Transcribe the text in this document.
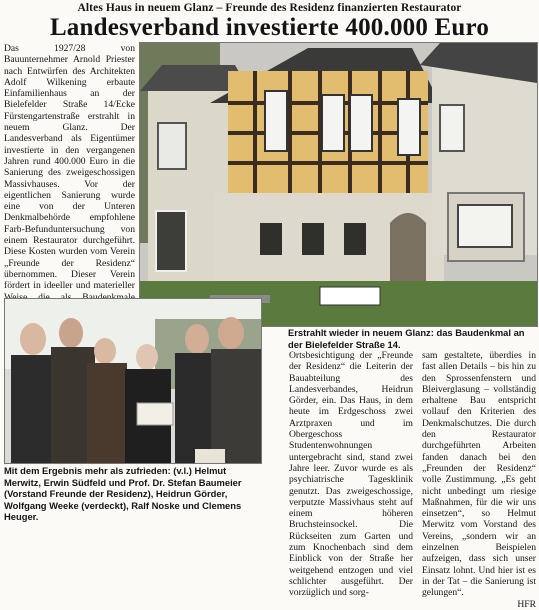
Altes Haus in neuem Glanz – Freunde des Residenz finanzierten Restaurator
Landesverband investierte 400.000 Euro

Das 1927/28 von Bauunternehmer Arnold Priester nach Entwürfen des Architekten Adolf Wilkening erbaute Einfamilienhaus an der Bielefelder Straße 14/Ecke Fürstengartenstraße erstrahlt in neuem Glanz. Der Landesverband als Eigentümer investierte in den vergangenen Jahren rund 400.000 Euro in die Sanierung des zweigeschossigen Massivhauses. Vor der eigentlichen Sanierung wurde eine von der Unteren Denkmalbehörde empfohlene Farb-Befunduntersuchung von einem Restaurator durchgeführt. Diese Kosten wurden vom Verein „Freunde der Residenz“ übernommen. Dieser Verein fördert in ideeller und materieller

Erstrahlt wieder in neuem Glanz: das Baudenkmal an der Bielefelder Straße 14.
Mit dem Ergebnis mehr als zufrieden: (v.l.) Helmut Merwitz, Erwin Südfeld und Prof. Dr. Stefan Baumeier (Vorstand Freunde der Residenz), Heidrun Görder, Wolfgang Weeke (verdeckt), Ralf Noske und Clemens Heuger.

Ortsbesichtigung der „Freunde der Residenz“ die Leiterin der Bauabteilung des Landesverbandes, Heidrun Görder, ein. Das Haus, in dem heute im Erdgeschoss zwei Arztpraxen und im Obergeschoss Studentenwohnungen untergebracht sind, stand zwei Jahre leer. Zuvor wurde es als psychiatrische Tagesklinik genutzt. Das zweigeschossige, verputzte Massivhaus steht auf einem höheren Bruchsteinsockel. Die Rückseiten zum Garten und zum Knochenbach sind dem Einblick von der Straße her weitgehend entzogen und viel schlichter ausgeführt. Der vorzüglich und sorg-

sam gestaltete, überdies in fast allen Details – bis hin zu den Sprossenfenstern und Bleiverglasung – vollständig erhaltene Bau entspricht vollauf den Kriterien des Denkmalschutzes. Die durch den Restaurator durchgeführten Arbeiten fanden danach bei den „Freunden der Residenz“ volle Zustimmung. „Es geht nicht unbedingt um riesige Maßnahmen, für die wir uns einsetzen“, so Helmut Merwitz vom Vorstand des Vereins, „sondern wir an einzelnen Beispielen aufzeigen, dass sich unser Einsatz lohnt. Und hier ist es in der Tat – die Sanierung ist gelungen“.

HFR
